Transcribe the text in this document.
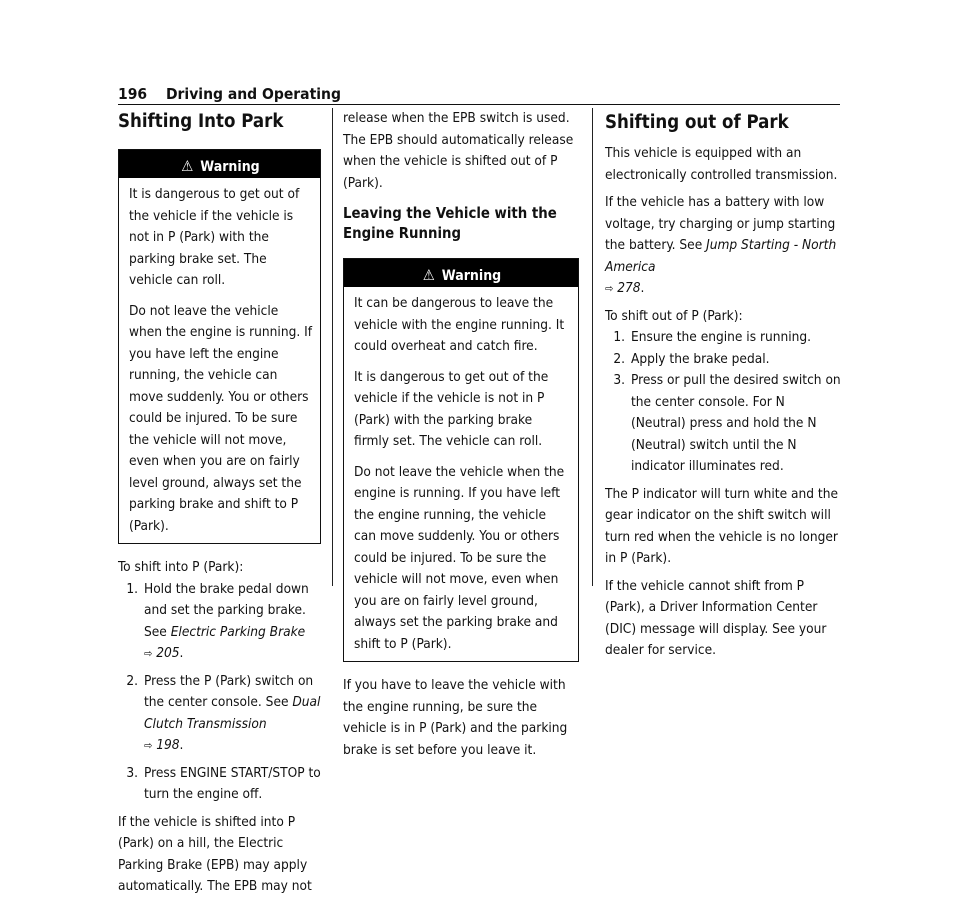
196 Driving and Operating
Shifting Into Park
⚠ Warning

It is dangerous to get out of the vehicle if the vehicle is not in P (Park) with the parking brake set. The vehicle can roll.

Do not leave the vehicle when the engine is running. If you have left the engine running, the vehicle can move suddenly. You or others could be injured. To be sure the vehicle will not move, even when you are on fairly level ground, always set the parking brake and shift to P (Park).

To shift into P (Park):

1. Hold the brake pedal down and set the parking brake. See Electric Parking Brake
⇨ 205.
2. Press the P (Park) switch on the center console. See Dual Clutch Transmission
⇨ 198.
3. Press ENGINE START/STOP to turn the engine off.

If the vehicle is shifted into P (Park) on a hill, the Electric Parking Brake (EPB) may apply automatically. The EPB may not

release when the EPB switch is used. The EPB should automatically release when the vehicle is shifted out of P (Park).

Leaving the Vehicle with the Engine Running
⚠ Warning

It can be dangerous to leave the vehicle with the engine running. It could overheat and catch fire.

It is dangerous to get out of the vehicle if the vehicle is not in P (Park) with the parking brake firmly set. The vehicle can roll.

Do not leave the vehicle when the engine is running. If you have left the engine running, the vehicle can move suddenly. You or others could be injured. To be sure the vehicle will not move, even when you are on fairly level ground, always set the parking brake and shift to P (Park).

If you have to leave the vehicle with the engine running, be sure the vehicle is in P (Park) and the parking brake is set before you leave it.

Shifting out of Park

This vehicle is equipped with an electronically controlled transmission.

If the vehicle has a battery with low voltage, try charging or jump starting the battery. See Jump Starting - North America
⇨ 278.

To shift out of P (Park):

1. Ensure the engine is running.
2. Apply the brake pedal.
3. Press or pull the desired switch on the center console. For N (Neutral) press and hold the N (Neutral) switch until the N indicator illuminates red.

The P indicator will turn white and the gear indicator on the shift switch will turn red when the vehicle is no longer in P (Park).

If the vehicle cannot shift from P (Park), a Driver Information Center (DIC) message will display. See your dealer for service.
